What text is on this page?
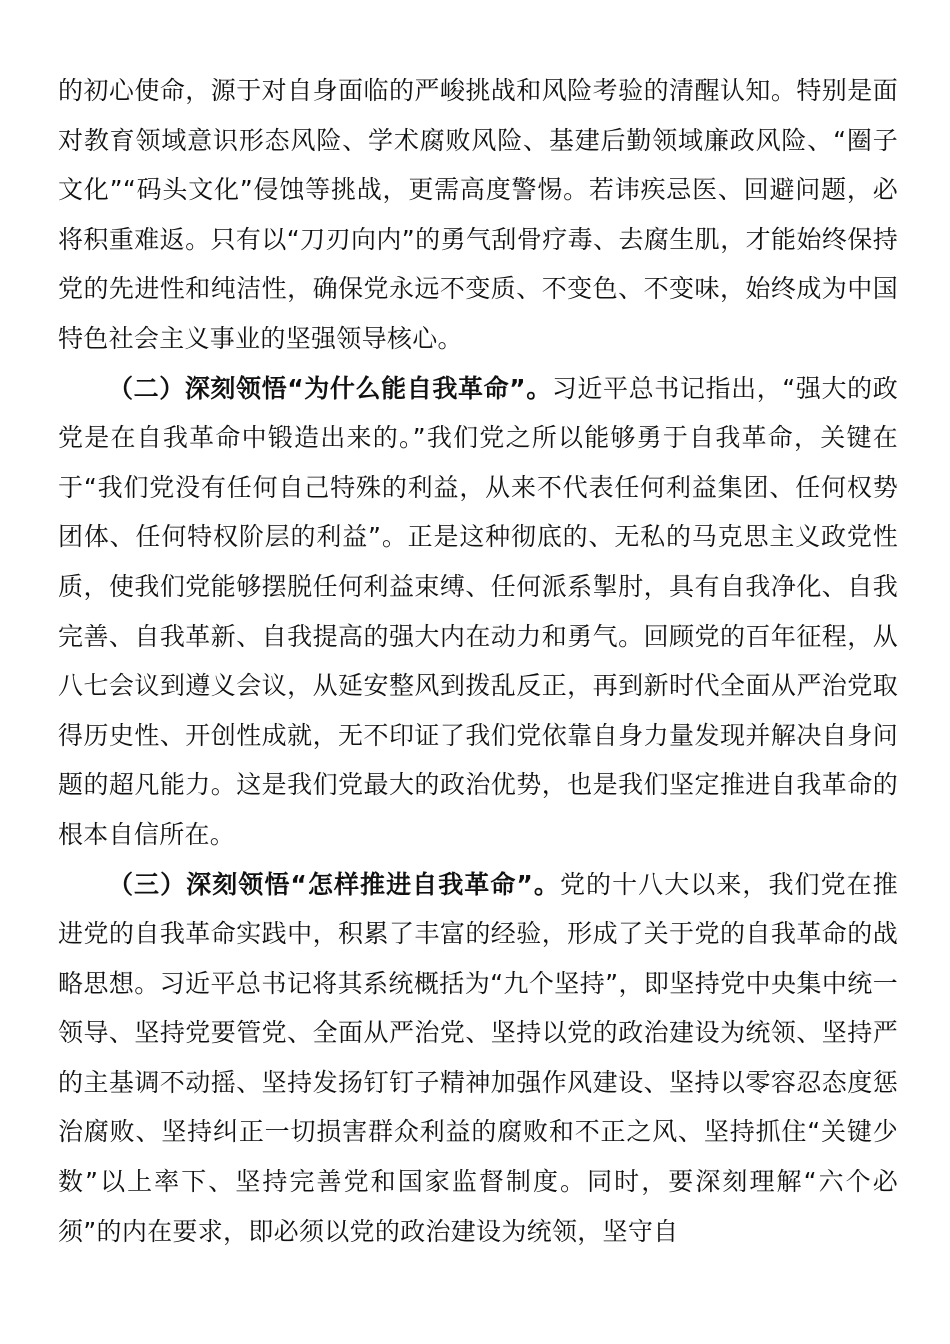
的初心使命，源于对自身面临的严峻挑战和风险考验的清醒认知。特别是面对教育领域意识形态风险、学术腐败风险、基建后勤领域廉政风险、“圈子文化”“码头文化”侵蚀等挑战，更需高度警惕。若讳疾忌医、回避问题，必将积重难返。只有以“刀刃向内”的勇气刮骨疗毒、去腐生肌，才能始终保持党的先进性和纯洁性，确保党永远不变质、不变色、不变味，始终成为中国特色社会主义事业的坚强领导核心。

（二）深刻领悟“为什么能自我革命”。习近平总书记指出，“强大的政党是在自我革命中锻造出来的。”我们党之所以能够勇于自我革命，关键在于“我们党没有任何自己特殊的利益，从来不代表任何利益集团、任何权势团体、任何特权阶层的利益”。正是这种彻底的、无私的马克思主义政党性质，使我们党能够摆脱任何利益束缚、任何派系掣肘，具有自我净化、自我完善、自我革新、自我提高的强大内在动力和勇气。回顾党的百年征程，从八七会议到遵义会议，从延安整风到拨乱反正，再到新时代全面从严治党取得历史性、开创性成就，无不印证了我们党依靠自身力量发现并解决自身问题的超凡能力。这是我们党最大的政治优势，也是我们坚定推进自我革命的根本自信所在。

（三）深刻领悟“怎样推进自我革命”。党的十八大以来，我们党在推进党的自我革命实践中，积累了丰富的经验，形成了关于党的自我革命的战略思想。习近平总书记将其系统概括为“九个坚持”，即坚持党中央集中统一领导、坚持党要管党、全面从严治党、坚持以党的政治建设为统领、坚持严的主基调不动摇、坚持发扬钉钉子精神加强作风建设、坚持以零容忍态度惩治腐败、坚持纠正一切损害群众利益的腐败和不正之风、坚持抓住“关键少数”以上率下、坚持完善党和国家监督制度。同时，要深刻理解“六个必须”的内在要求，即必须以党的政治建设为统领，坚守自
